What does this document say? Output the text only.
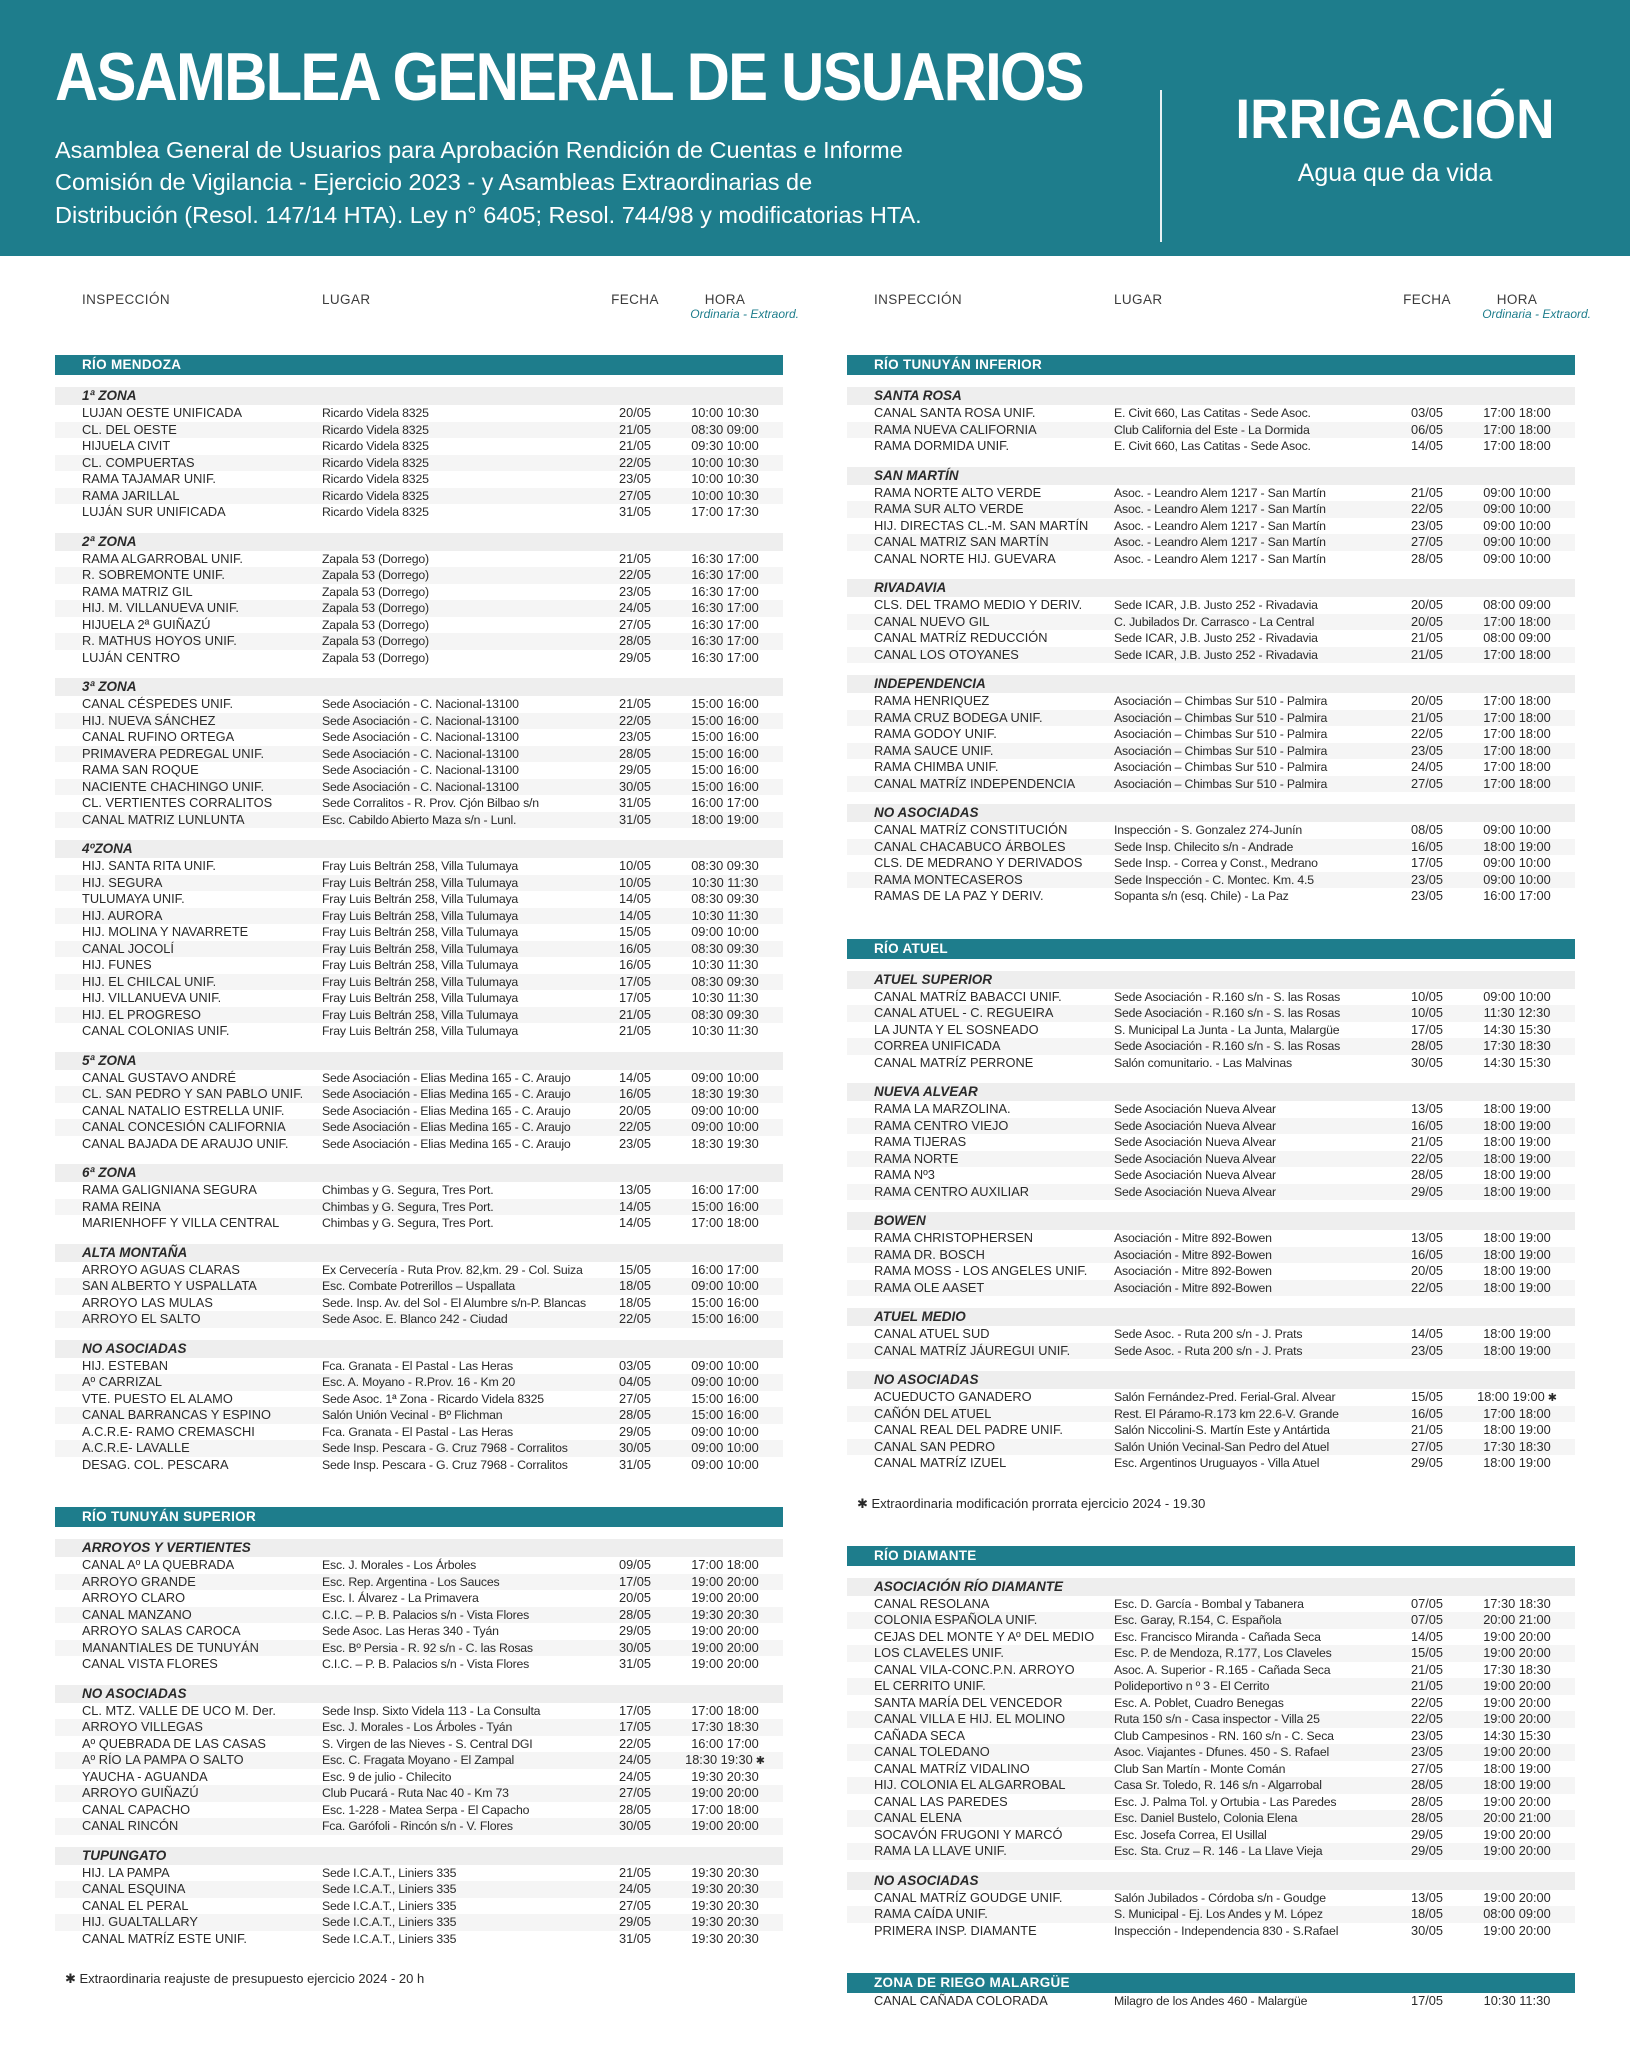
ASAMBLEA GENERAL DE USUARIOS
Asamblea General de Usuarios para Aprobación Rendición de Cuentas e Informe
Comisión de Vigilancia - Ejercicio 2023 - y Asambleas Extraordinarias de
Distribución (Resol. 147/14 HTA). Ley n° 6405; Resol. 744/98 y modificatorias HTA.
IRRIGACIÓN
Agua que da vida
INSPECCIÓN	LUGAR	FECHA	HORA
Ordinaria - Extraord.
RÍO MENDOZA
1ª ZONA
LUJAN OESTE UNIFICADA	Ricardo Videla 8325	20/05	10:00 10:30
CL. DEL OESTE	Ricardo Videla 8325	21/05	08:30 09:00
HIJUELA CIVIT	Ricardo Videla 8325	21/05	09:30 10:00
CL. COMPUERTAS	Ricardo Videla 8325	22/05	10:00 10:30
RAMA TAJAMAR UNIF.	Ricardo Videla 8325	23/05	10:00 10:30
RAMA JARILLAL	Ricardo Videla 8325	27/05	10:00 10:30
LUJÁN SUR UNIFICADA	Ricardo Videla 8325	31/05	17:00 17:30
2ª ZONA
RAMA ALGARROBAL UNIF.	Zapala 53 (Dorrego)	21/05	16:30 17:00
R. SOBREMONTE UNIF.	Zapala 53 (Dorrego)	22/05	16:30 17:00
RAMA MATRIZ GIL	Zapala 53 (Dorrego)	23/05	16:30 17:00
HIJ. M. VILLANUEVA UNIF.	Zapala 53 (Dorrego)	24/05	16:30 17:00
HIJUELA 2ª GUIÑAZÚ	Zapala 53 (Dorrego)	27/05	16:30 17:00
R. MATHUS HOYOS UNIF.	Zapala 53 (Dorrego)	28/05	16:30 17:00
LUJÁN CENTRO	Zapala 53 (Dorrego)	29/05	16:30 17:00
3ª ZONA
CANAL CÉSPEDES UNIF.	Sede Asociación - C. Nacional-13100	21/05	15:00 16:00
HIJ. NUEVA SÁNCHEZ	Sede Asociación - C. Nacional-13100	22/05	15:00 16:00
CANAL RUFINO ORTEGA	Sede Asociación - C. Nacional-13100	23/05	15:00 16:00
PRIMAVERA PEDREGAL UNIF.	Sede Asociación - C. Nacional-13100	28/05	15:00 16:00
RAMA SAN ROQUE	Sede Asociación - C. Nacional-13100	29/05	15:00 16:00
NACIENTE CHACHINGO UNIF.	Sede Asociación - C. Nacional-13100	30/05	15:00 16:00
CL. VERTIENTES CORRALITOS	Sede Corralitos - R. Prov. Cjón Bilbao s/n	31/05	16:00 17:00
CANAL MATRIZ LUNLUNTA	Esc. Cabildo Abierto Maza s/n - Lunl.	31/05	18:00 19:00
4ºZONA
HIJ. SANTA RITA UNIF.	Fray Luis Beltrán 258, Villa Tulumaya	10/05	08:30 09:30
HIJ. SEGURA	Fray Luis Beltrán 258, Villa Tulumaya	10/05	10:30 11:30
TULUMAYA UNIF.	Fray Luis Beltrán 258, Villa Tulumaya	14/05	08:30 09:30
HIJ. AURORA	Fray Luis Beltrán 258, Villa Tulumaya	14/05	10:30 11:30
HIJ. MOLINA Y NAVARRETE	Fray Luis Beltrán 258, Villa Tulumaya	15/05	09:00 10:00
CANAL JOCOLÍ	Fray Luis Beltrán 258, Villa Tulumaya	16/05	08:30 09:30
HIJ. FUNES	Fray Luis Beltrán 258, Villa Tulumaya	16/05	10:30 11:30
HIJ. EL CHILCAL UNIF.	Fray Luis Beltrán 258, Villa Tulumaya	17/05	08:30 09:30
HIJ. VILLANUEVA UNIF.	Fray Luis Beltrán 258, Villa Tulumaya	17/05	10:30 11:30
HIJ. EL PROGRESO	Fray Luis Beltrán 258, Villa Tulumaya	21/05	08:30 09:30
CANAL COLONIAS UNIF.	Fray Luis Beltrán 258, Villa Tulumaya	21/05	10:30 11:30
5ª ZONA
CANAL GUSTAVO ANDRÉ	Sede Asociación - Elias Medina 165 - C. Araujo	14/05	09:00 10:00
CL. SAN PEDRO Y SAN PABLO UNIF.	Sede Asociación - Elias Medina 165 - C. Araujo	16/05	18:30 19:30
CANAL NATALIO ESTRELLA UNIF.	Sede Asociación - Elias Medina 165 - C. Araujo	20/05	09:00 10:00
CANAL CONCESIÓN CALIFORNIA	Sede Asociación - Elias Medina 165 - C. Araujo	22/05	09:00 10:00
CANAL BAJADA DE ARAUJO UNIF.	Sede Asociación - Elias Medina 165 - C. Araujo	23/05	18:30 19:30
6ª ZONA
RAMA GALIGNIANA SEGURA	Chimbas y G. Segura, Tres Port.	13/05	16:00 17:00
RAMA REINA	Chimbas y G. Segura, Tres Port.	14/05	15:00 16:00
MARIENHOFF Y VILLA CENTRAL	Chimbas y G. Segura, Tres Port.	14/05	17:00 18:00
ALTA MONTAÑA
ARROYO AGUAS CLARAS	Ex Cervecería - Ruta Prov. 82,km. 29 - Col. Suiza	15/05	16:00 17:00
SAN ALBERTO Y USPALLATA	Esc. Combate Potrerillos – Uspallata	18/05	09:00 10:00
ARROYO LAS MULAS	Sede. Insp. Av. del Sol - El Alumbre s/n-P. Blancas	18/05	15:00 16:00
ARROYO EL SALTO	Sede Asoc. E. Blanco 242 - Ciudad	22/05	15:00 16:00
NO ASOCIADAS
HIJ. ESTEBAN	Fca. Granata - El Pastal - Las Heras	03/05	09:00 10:00
Aº CARRIZAL	Esc. A. Moyano - R.Prov. 16 - Km 20	04/05	09:00 10:00
VTE. PUESTO EL ALAMO	Sede Asoc. 1ª Zona - Ricardo Videla 8325	27/05	15:00 16:00
CANAL BARRANCAS Y ESPINO	Salón Unión Vecinal - Bº Flichman	28/05	15:00 16:00
A.C.R.E- RAMO CREMASCHI	Fca. Granata - El Pastal - Las Heras	29/05	09:00 10:00
A.C.R.E- LAVALLE	Sede Insp. Pescara - G. Cruz 7968 - Corralitos	30/05	09:00 10:00
DESAG. COL. PESCARA	Sede Insp. Pescara - G. Cruz 7968 - Corralitos	31/05	09:00 10:00
RÍO TUNUYÁN SUPERIOR
ARROYOS Y VERTIENTES
CANAL Aº LA QUEBRADA	Esc. J. Morales - Los Árboles	09/05	17:00 18:00
ARROYO GRANDE	Esc. Rep. Argentina - Los Sauces	17/05	19:00 20:00
ARROYO CLARO	Esc. I. Álvarez - La Primavera	20/05	19:00 20:00
CANAL MANZANO	C.I.C. – P. B. Palacios s/n - Vista Flores	28/05	19:30 20:30
ARROYO SALAS CAROCA	Sede Asoc. Las Heras 340 - Tyán	29/05	19:00 20:00
MANANTIALES DE TUNUYÁN	Esc. Bº Persia - R. 92 s/n - C. las Rosas	30/05	19:00 20:00
CANAL VISTA FLORES	C.I.C. – P. B. Palacios s/n - Vista Flores	31/05	19:00 20:00
NO ASOCIADAS
CL. MTZ. VALLE DE UCO M. Der.	Sede Insp. Sixto Videla 113 - La Consulta	17/05	17:00 18:00
ARROYO VILLEGAS	Esc. J. Morales - Los Árboles - Tyán	17/05	17:30 18:30
Aº QUEBRADA DE LAS CASAS	S. Virgen de las Nieves - S. Central DGI	22/05	16:00 17:00
Aº RÍO LA PAMPA O SALTO	Esc. C. Fragata Moyano - El Zampal	24/05	18:30 19:30 ✱
YAUCHA - AGUANDA	Esc. 9 de julio - Chilecito	24/05	19:30 20:30
ARROYO GUIÑAZÚ	Club Pucará - Ruta Nac 40 - Km 73	27/05	19:00 20:00
CANAL CAPACHO	Esc. 1-228 - Matea Serpa - El Capacho	28/05	17:00 18:00
CANAL RINCÓN	Fca. Garófoli - Rincón s/n - V. Flores	30/05	19:00 20:00
TUPUNGATO
HIJ. LA PAMPA	Sede I.C.A.T., Liniers 335	21/05	19:30 20:30
CANAL ESQUINA	Sede I.C.A.T., Liniers 335	24/05	19:30 20:30
CANAL EL PERAL	Sede I.C.A.T., Liniers 335	27/05	19:30 20:30
HIJ. GUALTALLARY	Sede I.C.A.T., Liniers 335	29/05	19:30 20:30
CANAL MATRÍZ ESTE UNIF.	Sede I.C.A.T., Liniers 335	31/05	19:30 20:30
✱ Extraordinaria reajuste de presupuesto ejercicio 2024 - 20 h
INSPECCIÓN	LUGAR	FECHA	HORA
Ordinaria - Extraord.
RÍO TUNUYÁN INFERIOR
SANTA ROSA
CANAL SANTA ROSA UNIF.	E. Civit 660, Las Catitas - Sede Asoc.	03/05	17:00 18:00
RAMA NUEVA CALIFORNIA	Club California del Este - La Dormida	06/05	17:00 18:00
RAMA DORMIDA UNIF.	E. Civit 660, Las Catitas - Sede Asoc.	14/05	17:00 18:00
SAN MARTÍN
RAMA NORTE ALTO VERDE	Asoc. - Leandro Alem 1217 - San Martín	21/05	09:00 10:00
RAMA SUR ALTO VERDE	Asoc. - Leandro Alem 1217 - San Martín	22/05	09:00 10:00
HIJ. DIRECTAS CL.-M. SAN MARTÍN	Asoc. - Leandro Alem 1217 - San Martín	23/05	09:00 10:00
CANAL MATRIZ SAN MARTÍN	Asoc. - Leandro Alem 1217 - San Martín	27/05	09:00 10:00
CANAL NORTE HIJ. GUEVARA	Asoc. - Leandro Alem 1217 - San Martín	28/05	09:00 10:00
RIVADAVIA
CLS. DEL TRAMO MEDIO Y DERIV.	Sede ICAR, J.B. Justo 252 - Rivadavia	20/05	08:00 09:00
CANAL NUEVO GIL	C. Jubilados Dr. Carrasco - La Central	20/05	17:00 18:00
CANAL MATRÍZ REDUCCIÓN	Sede ICAR, J.B. Justo 252 - Rivadavia	21/05	08:00 09:00
CANAL LOS OTOYANES	Sede ICAR, J.B. Justo 252 - Rivadavia	21/05	17:00 18:00
INDEPENDENCIA
RAMA HENRIQUEZ	Asociación – Chimbas Sur 510 - Palmira	20/05	17:00 18:00
RAMA CRUZ BODEGA UNIF.	Asociación – Chimbas Sur 510 - Palmira	21/05	17:00 18:00
RAMA GODOY UNIF.	Asociación – Chimbas Sur 510 - Palmira	22/05	17:00 18:00
RAMA SAUCE UNIF.	Asociación – Chimbas Sur 510 - Palmira	23/05	17:00 18:00
RAMA CHIMBA UNIF.	Asociación – Chimbas Sur 510 - Palmira	24/05	17:00 18:00
CANAL MATRÍZ INDEPENDENCIA	Asociación – Chimbas Sur 510 - Palmira	27/05	17:00 18:00
NO ASOCIADAS
CANAL MATRÍZ CONSTITUCIÓN	Inspección - S. Gonzalez 274-Junín	08/05	09:00 10:00
CANAL CHACABUCO ÁRBOLES	Sede Insp. Chilecito s/n - Andrade	16/05	18:00 19:00
CLS. DE MEDRANO Y DERIVADOS	Sede Insp. - Correa y Const., Medrano	17/05	09:00 10:00
RAMA MONTECASEROS	Sede Inspección - C. Montec. Km. 4.5	23/05	09:00 10:00
RAMAS DE LA PAZ Y DERIV.	Sopanta s/n (esq. Chile) - La Paz	23/05	16:00 17:00
RÍO ATUEL
ATUEL SUPERIOR
CANAL MATRÍZ BABACCI UNIF.	Sede Asociación - R.160 s/n - S. las Rosas	10/05	09:00 10:00
CANAL ATUEL - C. REGUEIRA	Sede Asociación - R.160 s/n - S. las Rosas	10/05	11:30 12:30
LA JUNTA Y EL SOSNEADO	S. Municipal La Junta - La Junta, Malargüe	17/05	14:30 15:30
CORREA UNIFICADA	Sede Asociación - R.160 s/n - S. las Rosas	28/05	17:30 18:30
CANAL MATRÍZ PERRONE	Salón comunitario. - Las Malvinas	30/05	14:30 15:30
NUEVA ALVEAR
RAMA LA MARZOLINA.	Sede Asociación Nueva Alvear	13/05	18:00 19:00
RAMA CENTRO VIEJO	Sede Asociación Nueva Alvear	16/05	18:00 19:00
RAMA TIJERAS	Sede Asociación Nueva Alvear	21/05	18:00 19:00
RAMA NORTE	Sede Asociación Nueva Alvear	22/05	18:00 19:00
RAMA Nº3	Sede Asociación Nueva Alvear	28/05	18:00 19:00
RAMA CENTRO AUXILIAR	Sede Asociación Nueva Alvear	29/05	18:00 19:00
BOWEN
RAMA CHRISTOPHERSEN	Asociación - Mitre 892-Bowen	13/05	18:00 19:00
RAMA DR. BOSCH	Asociación - Mitre 892-Bowen	16/05	18:00 19:00
RAMA MOSS - LOS ANGELES UNIF.	Asociación - Mitre 892-Bowen	20/05	18:00 19:00
RAMA OLE AASET	Asociación - Mitre 892-Bowen	22/05	18:00 19:00
ATUEL MEDIO
CANAL ATUEL SUD	Sede Asoc. - Ruta 200 s/n - J. Prats	14/05	18:00 19:00
CANAL MATRÍZ JÁUREGUI UNIF.	Sede Asoc. - Ruta 200 s/n - J. Prats	23/05	18:00 19:00
NO ASOCIADAS
ACUEDUCTO GANADERO	Salón Fernández-Pred. Ferial-Gral. Alvear	15/05	18:00 19:00 ✱
CAÑÓN DEL ATUEL	Rest. El Páramo-R.173 km 22.6-V. Grande	16/05	17:00 18:00
CANAL REAL DEL PADRE UNIF.	Salón Niccolini-S. Martín Este y Antártida	21/05	18:00 19:00
CANAL SAN PEDRO	Salón Unión Vecinal-San Pedro del Atuel	27/05	17:30 18:30
CANAL MATRÍZ IZUEL	Esc. Argentinos Uruguayos - Villa Atuel	29/05	18:00 19:00
✱ Extraordinaria modificación prorrata ejercicio 2024 - 19.30
RÍO DIAMANTE
ASOCIACIÓN RÍO DIAMANTE
CANAL RESOLANA	Esc. D. García - Bombal y Tabanera	07/05	17:30 18:30
COLONIA ESPAÑOLA UNIF.	Esc. Garay, R.154, C. Española	07/05	20:00 21:00
CEJAS DEL MONTE Y Aº DEL MEDIO	Esc. Francisco Miranda - Cañada Seca	14/05	19:00 20:00
LOS CLAVELES UNIF.	Esc. P. de Mendoza, R.177, Los Claveles	15/05	19:00 20:00
CANAL VILA-CONC.P.N. ARROYO	Asoc. A. Superior - R.165 - Cañada Seca	21/05	17:30 18:30
EL CERRITO UNIF.	Polideportivo n º 3 - El Cerrito	21/05	19:00 20:00
SANTA MARÍA DEL VENCEDOR	Esc. A. Poblet, Cuadro Benegas	22/05	19:00 20:00
CANAL VILLA E HIJ. EL MOLINO	Ruta 150 s/n - Casa inspector - Villa 25	22/05	19:00 20:00
CAÑADA SECA	Club Campesinos - RN. 160 s/n - C. Seca	23/05	14:30 15:30
CANAL TOLEDANO	Asoc. Viajantes - Dfunes. 450 - S. Rafael	23/05	19:00 20:00
CANAL MATRÍZ VIDALINO	Club San Martín - Monte Comán	27/05	18:00 19:00
HIJ. COLONIA EL ALGARROBAL	Casa Sr. Toledo, R. 146 s/n - Algarrobal	28/05	18:00 19:00
CANAL LAS PAREDES	Esc. J. Palma Tol. y Ortubia - Las Paredes	28/05	19:00 20:00
CANAL ELENA	Esc. Daniel Bustelo, Colonia Elena	28/05	20:00 21:00
SOCAVÓN FRUGONI Y MARCÓ	Esc. Josefa Correa, El Usillal	29/05	19:00 20:00
RAMA LA LLAVE UNIF.	Esc. Sta. Cruz – R. 146 - La Llave Vieja	29/05	19:00 20:00
NO ASOCIADAS
CANAL MATRÍZ GOUDGE UNIF.	Salón Jubilados - Córdoba s/n - Goudge	13/05	19:00 20:00
RAMA CAÍDA UNIF.	S. Municipal - Ej. Los Andes y M. López	18/05	08:00 09:00
PRIMERA INSP. DIAMANTE	Inspección - Independencia 830 - S.Rafael	30/05	19:00 20:00
ZONA DE RIEGO MALARGÜE
CANAL CAÑADA COLORADA	Milagro de los Andes 460 - Malargüe	17/05	10:30 11:30
